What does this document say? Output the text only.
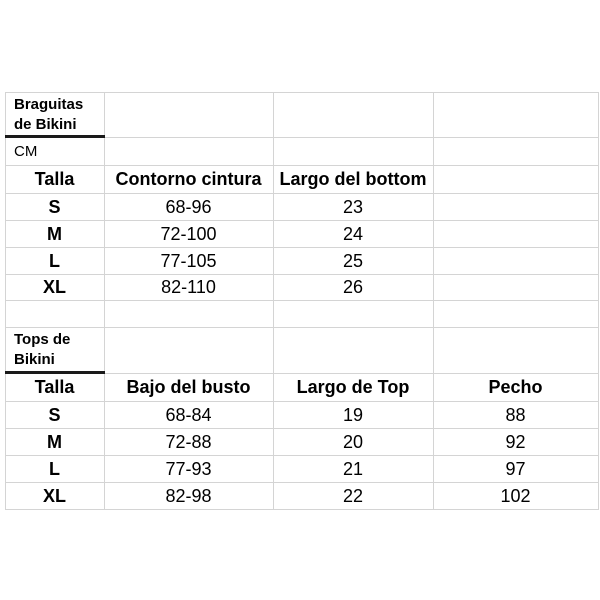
Braguitas
de Bikini
CM
Talla	Contorno cintura	Largo del bottom
S	68-96	23
M	72-100	24
L	77-105	25
XL	82-110	26
Tops de
Bikini
Talla	Bajo del busto	Largo de Top	Pecho
S	68-84	19	88
M	72-88	20	92
L	77-93	21	97
XL	82-98	22	102
